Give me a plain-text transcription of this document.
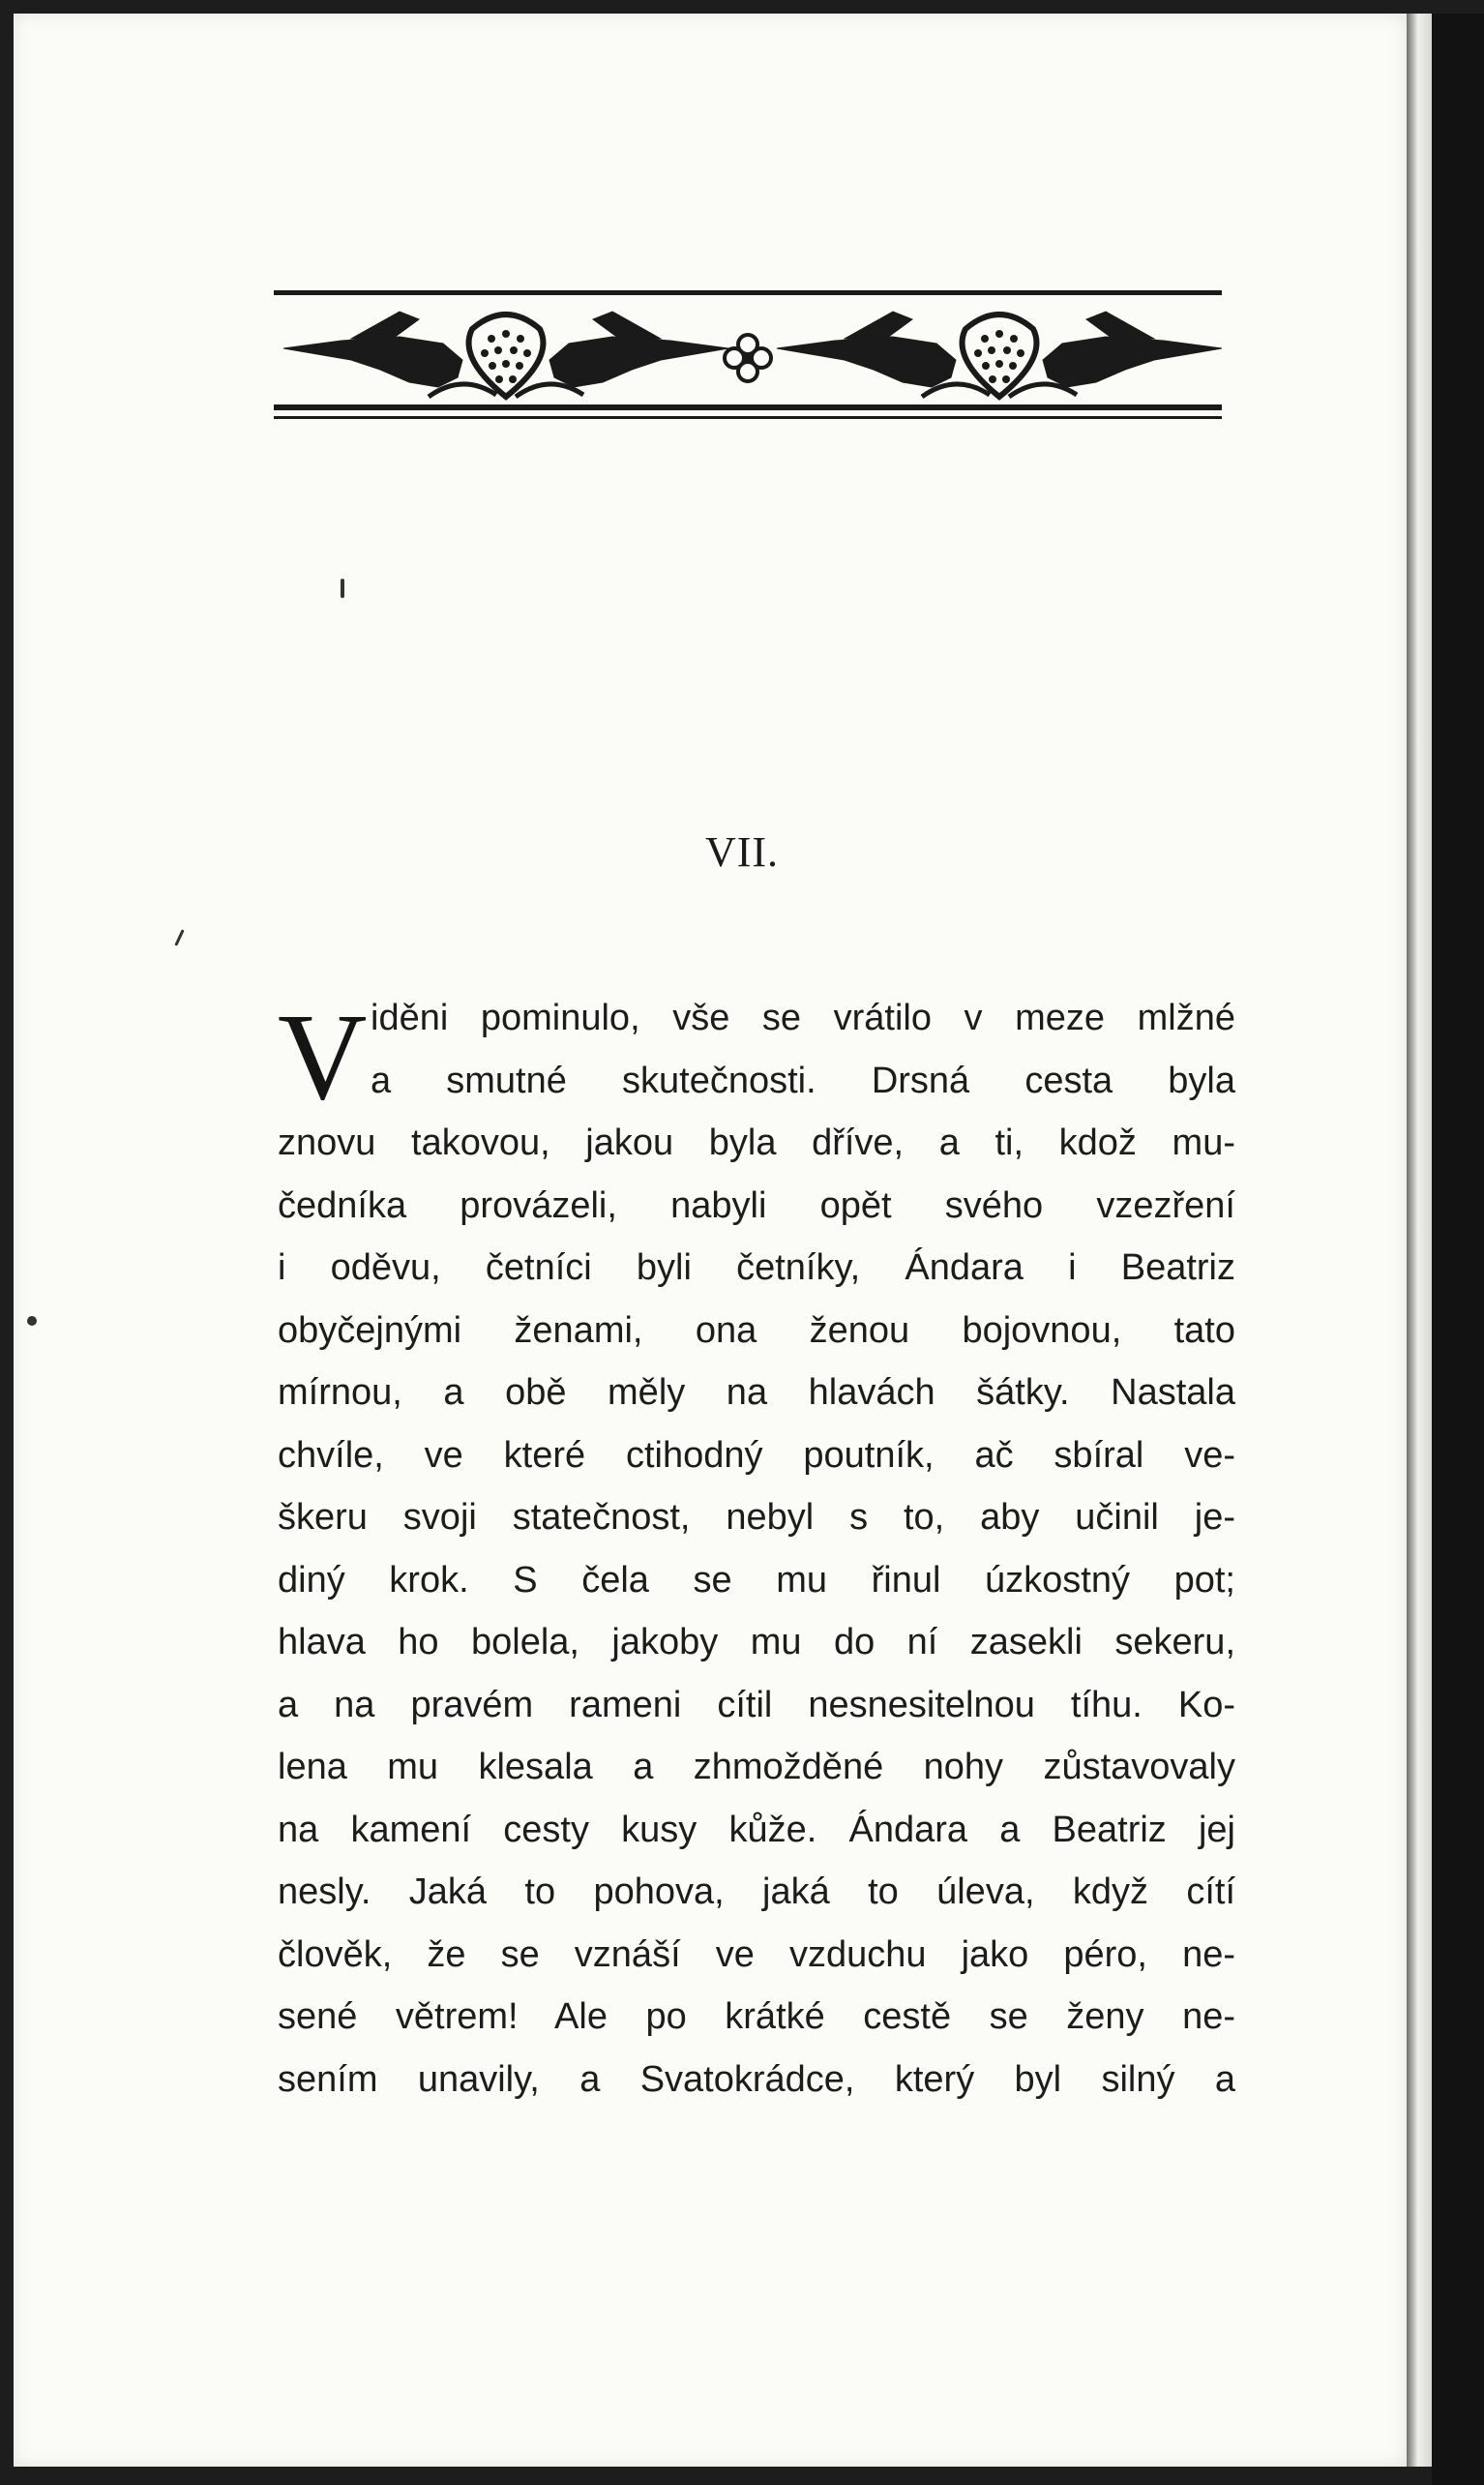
VII.
V iděni pominulo, vše se vrátilo v meze mlžné
a smutné skutečnosti. Drsná cesta byla
znovu takovou, jakou byla dříve, a ti, kdož mu-
čedníka provázeli, nabyli opět svého vzezření
i oděvu, četníci byli četníky, Ándara i Beatriz
obyčejnými ženami, ona ženou bojovnou, tato
mírnou, a obě měly na hlavách šátky. Nastala
chvíle, ve které ctihodný poutník, ač sbíral ve-
škeru svoji statečnost, nebyl s to, aby učinil je-
diný krok. S čela se mu řinul úzkostný pot;
hlava ho bolela, jakoby mu do ní zasekli sekeru,
a na pravém rameni cítil nesnesitelnou tíhu. Ko-
lena mu klesala a zhmožděné nohy zůstavovaly
na kamení cesty kusy kůže. Ándara a Beatriz jej
nesly. Jaká to pohova, jaká to úleva, když cítí
člověk, že se vznáší ve vzduchu jako péro, ne-
sené větrem! Ale po krátké cestě se ženy ne-
sením unavily, a Svatokrádce, který byl silný a
